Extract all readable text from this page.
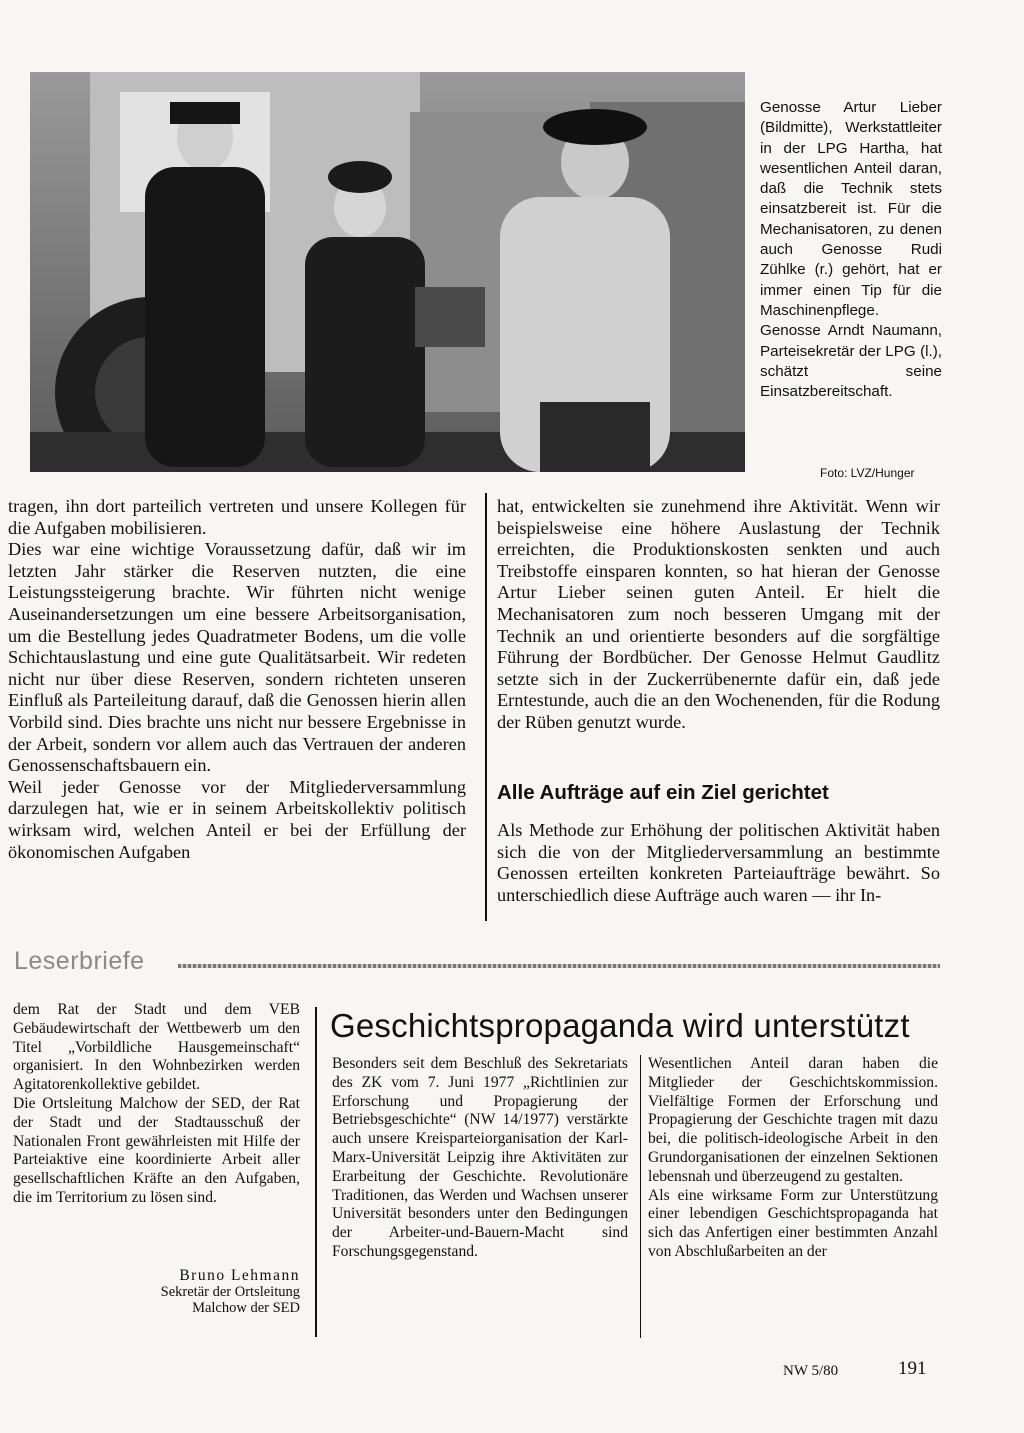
Genosse Artur Lieber (Bildmitte), Werkstattleiter in der LPG Hartha, hat wesentlichen Anteil daran, daß die Technik stets einsatzbereit ist. Für die Mechanisatoren, zu denen auch Genosse Rudi Zühlke (r.) gehört, hat er immer einen Tip für die Maschinenpflege. Genosse Arndt Naumann, Parteisekretär der LPG (l.), schätzt seine Einsatzbereitschaft.
Foto: LVZ/Hunger

tragen, ihn dort parteilich vertreten und unsere Kollegen für die Aufgaben mobilisieren.

Dies war eine wichtige Voraussetzung dafür, daß wir im letzten Jahr stärker die Reserven nutzten, die eine Leistungssteigerung brachte. Wir führten nicht wenige Auseinandersetzungen um eine bessere Arbeitsorganisation, um die Bestellung jedes Quadratmeter Bodens, um die volle Schichtauslastung und eine gute Qualitätsarbeit. Wir redeten nicht nur über diese Reserven, sondern richteten unseren Einfluß als Parteileitung darauf, daß die Genossen hierin allen Vorbild sind. Dies brachte uns nicht nur bessere Ergebnisse in der Arbeit, sondern vor allem auch das Vertrauen der anderen Genossenschaftsbauern ein.

Weil jeder Genosse vor der Mitgliederversammlung darzulegen hat, wie er in seinem Arbeitskollektiv politisch wirksam wird, welchen Anteil er bei der Erfüllung der ökonomischen Aufgaben

hat, entwickelten sie zunehmend ihre Aktivität. Wenn wir beispielsweise eine höhere Auslastung der Technik erreichten, die Produktionskosten senkten und auch Treibstoffe einsparen konnten, so hat hieran der Genosse Artur Lieber seinen guten Anteil. Er hielt die Mechanisatoren zum noch besseren Umgang mit der Technik an und orientierte besonders auf die sorgfältige Führung der Bordbücher. Der Genosse Helmut Gaudlitz setzte sich in der Zuckerrübenernte dafür ein, daß jede Erntestunde, auch die an den Wochenenden, für die Rodung der Rüben genutzt wurde.

Alle Aufträge auf ein Ziel gerichtet

Als Methode zur Erhöhung der politischen Aktivität haben sich die von der Mitgliederversammlung an bestimmte Genossen erteilten konkreten Parteiaufträge bewährt. So unterschiedlich diese Aufträge auch waren — ihr In-

Leserbriefe

dem Rat der Stadt und dem VEB Gebäudewirtschaft der Wettbewerb um den Titel „Vorbildliche Hausgemeinschaft“ organisiert. In den Wohnbezirken werden Agitatorenkollektive gebildet.

Die Ortsleitung Malchow der SED, der Rat der Stadt und der Stadtausschuß der Nationalen Front gewährleisten mit Hilfe der Parteiaktive eine koordinierte Arbeit aller gesellschaftlichen Kräfte an den Aufgaben, die im Territorium zu lösen sind.

Bruno Lehmann
Sekretär der Ortsleitung
Malchow der SED
Geschichtspropaganda wird unterstützt

Besonders seit dem Beschluß des Sekretariats des ZK vom 7. Juni 1977 „Richtlinien zur Erforschung und Propagierung der Betriebsgeschichte“ (NW 14/1977) verstärkte auch unsere Kreisparteiorganisation der Karl-Marx-Universität Leipzig ihre Aktivitäten zur Erarbeitung der Geschichte. Revolutionäre Traditionen, das Werden und Wachsen unserer Universität besonders unter den Bedingungen der Arbeiter-und-Bauern-Macht sind Forschungsgegenstand.

Wesentlichen Anteil daran haben die Mitglieder der Geschichtskommission. Vielfältige Formen der Erforschung und Propagierung der Geschichte tragen mit dazu bei, die politisch-ideologische Arbeit in den Grundorganisationen der einzelnen Sektionen lebensnah und überzeugend zu gestalten.

Als eine wirksame Form zur Unterstützung einer lebendigen Geschichtspropaganda hat sich das Anfertigen einer bestimmten Anzahl von Abschlußarbeiten an der

NW 5/80	191
